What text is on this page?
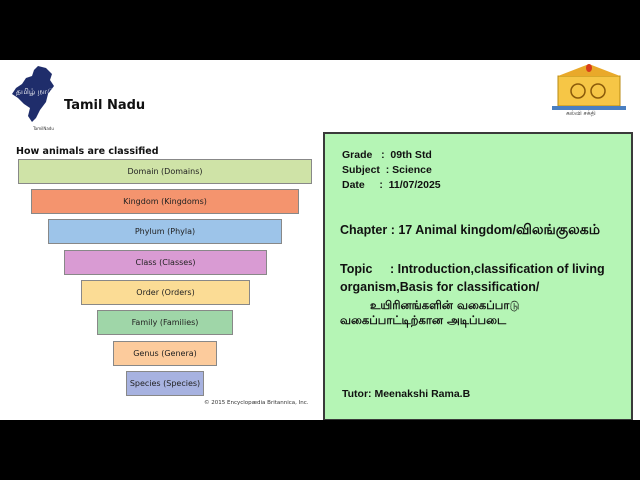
தமிழ் நாடு
TamilNadu
Tamil Nadu
கல்வி சக்தி
How animals are classified
Domain (Domains)
Kingdom (Kingdoms)
Phylum (Phyla)
Class (Classes)
Order (Orders)
Family (Families)
Genus (Genera)
Species (Species)
© 2015 Encyclopædia Britannica, Inc.
Grade   :  09th Std
Subject  : Science
Date     :  11/07/2025
Chapter : 17 Animal kingdom/விலங்குலகம்
Topic : Introduction,classification of living organism,Basis for classification/
உயிரினங்களின் வகைப்பாடு
வகைப்பாட்டிற்கான அடிப்படை
Tutor: Meenakshi Rama.B
